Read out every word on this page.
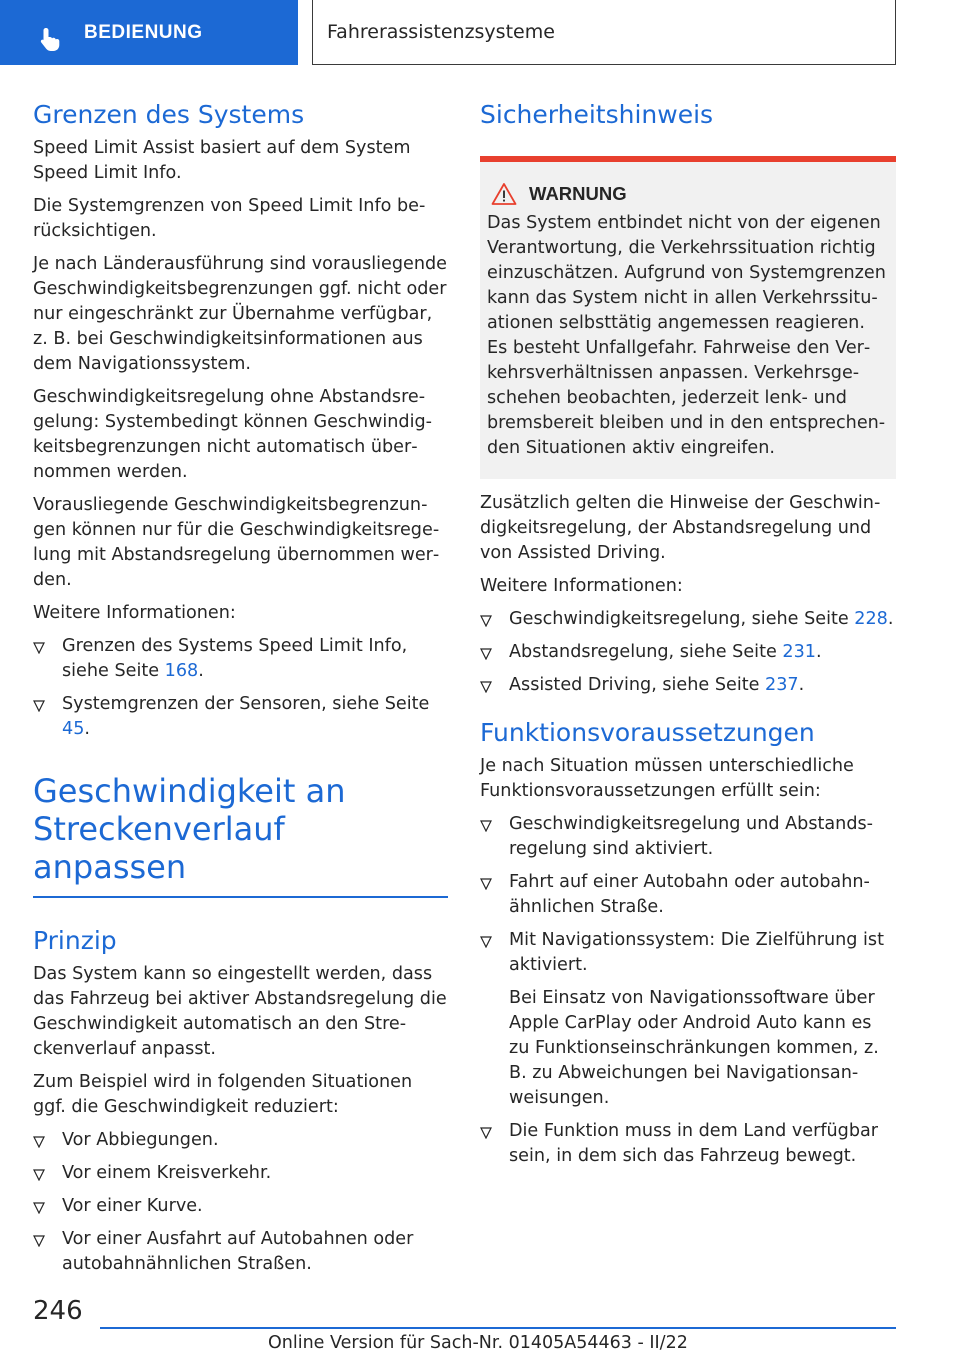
BEDIENUNG	Fahrerassistenzsysteme
Grenzen des Systems

Speed Limit Assist basiert auf dem System Speed Limit Info.

Die Systemgrenzen von Speed Limit Info berücksichtigen.

Je nach Länderausführung sind vorausliegende Geschwindigkeitsbegrenzungen ggf. nicht oder nur eingeschränkt zur Übernahme verfügbar, z. B. bei Geschwindigkeitsinformationen aus dem Navigationssystem.

Geschwindigkeitsregelung ohne Abstandsregelung: Systembedingt können Geschwindigkeitsbegrenzungen nicht automatisch übernommen werden.

Vorausliegende Geschwindigkeitsbegrenzungen können nur für die Geschwindigkeitsregelung mit Abstandsregelung übernommen werden.

Weitere Informationen:

Grenzen des Systems Speed Limit Info, siehe Seite 168.
Systemgrenzen der Sensoren, siehe Seite 45.
Geschwindigkeit an Streckenverlauf anpassen
Prinzip

Das System kann so eingestellt werden, dass das Fahrzeug bei aktiver Abstandsregelung die Geschwindigkeit automatisch an den Streckenverlauf anpasst.

Zum Beispiel wird in folgenden Situationen ggf. die Geschwindigkeit reduziert:

Vor Abbiegungen.
Vor einem Kreisverkehr.
Vor einer Kurve.
Vor einer Ausfahrt auf Autobahnen oder autobahnähnlichen Straßen.
Sicherheitshinweis
WARNUNG

Das System entbindet nicht von der eigenen Verantwortung, die Verkehrssituation richtig einzuschätzen. Aufgrund von Systemgrenzen kann das System nicht in allen Verkehrssituationen selbsttätig angemessen reagieren. Es besteht Unfallgefahr. Fahrweise den Verkehrsverhältnissen anpassen. Verkehrsgeschehen beobachten, jederzeit lenk- und bremsbereit bleiben und in den entsprechenden Situationen aktiv eingreifen.

Zusätzlich gelten die Hinweise der Geschwindigkeitsregelung, der Abstandsregelung und von Assisted Driving.

Weitere Informationen:

Geschwindigkeitsregelung, siehe Seite 228.
Abstandsregelung, siehe Seite 231.
Assisted Driving, siehe Seite 237.
Funktionsvoraussetzungen

Je nach Situation müssen unterschiedliche Funktionsvoraussetzungen erfüllt sein:

Geschwindigkeitsregelung und Abstandsregelung sind aktiviert.
Fahrt auf einer Autobahn oder autobahnähnlichen Straße.
Mit Navigationssystem: Die Zielführung ist aktiviert.

Bei Einsatz von Navigationssoftware über Apple CarPlay oder Android Auto kann es zu Funktionseinschränkungen kommen, z. B. zu Abweichungen bei Navigationsanweisungen.

Die Funktion muss in dem Land verfügbar sein, in dem sich das Fahrzeug bewegt.
246
Online Version für Sach-Nr. 01405A54463 - II/22
